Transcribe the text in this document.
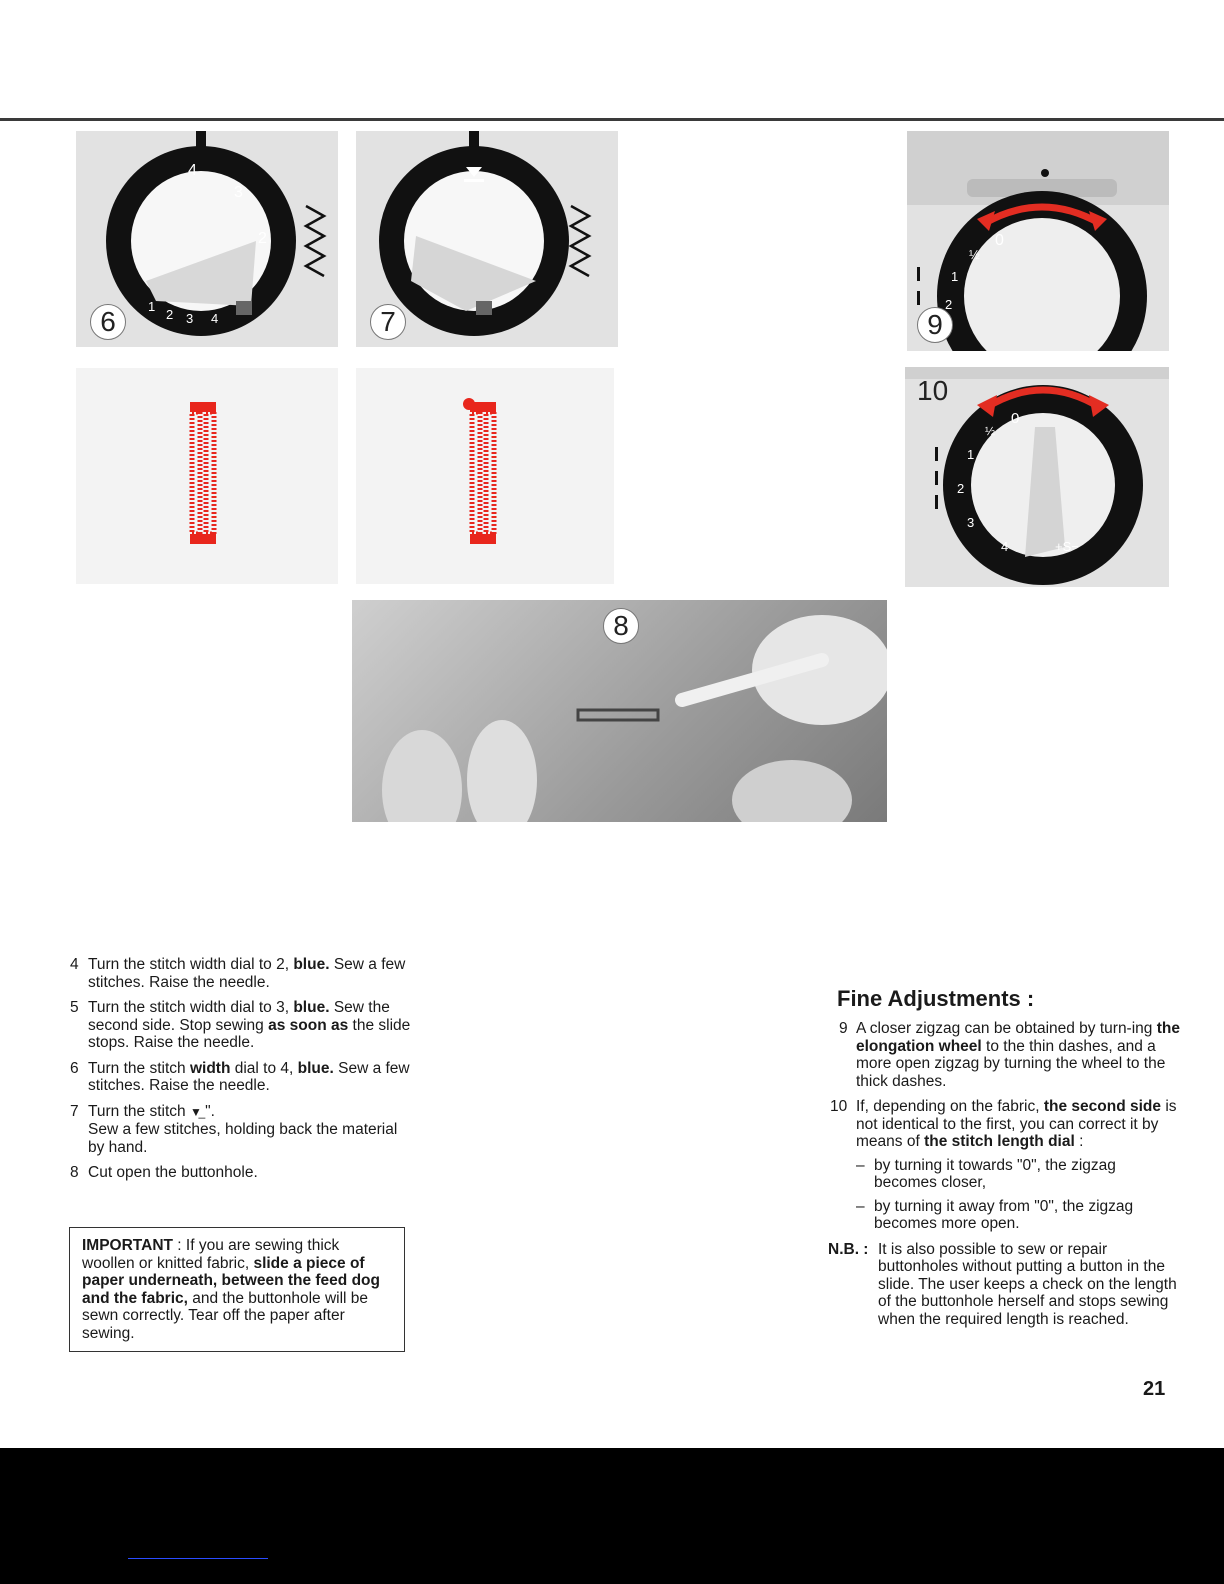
4
3
2
1
2 3 4
6	7
8
0
½
1
2
9
0
½
1
2
3
4	+S−
10
4 Turn the stitch width dial to 2, blue. Sew a few stitches. Raise the needle.
5 Turn the stitch width dial to 3, blue. Sew the second side. Stop sewing as soon as the slide stops. Raise the needle.
6 Turn the stitch width dial to 4, blue. Sew a few stitches. Raise the needle.
7 Turn the stitch ▼̲ ".
Sew a few stitches, holding back the material by hand.
8 Cut open the buttonhole.
IMPORTANT : If you are sewing thick woollen or knitted fabric, slide a piece of paper underneath, between the feed dog and the fabric, and the buttonhole will be sewn correctly. Tear off the paper after sewing.
Fine Adjustments :
9 A closer zigzag can be obtained by turn-ing the elongation wheel to the thin dashes, and a more open zigzag by turning the wheel to the thick dashes.
10 If, depending on the fabric, the second side is not identical to the first, you can correct it by means of the stitch length dial :
– by turning it towards "0", the zigzag becomes closer,
– by turning it away from "0", the zigzag becomes more open.
N.B. : It is also possible to sew or repair buttonholes without putting a button in the slide. The user keeps a check on the length of the buttonhole herself and stops sewing when the required length is reached.
21
